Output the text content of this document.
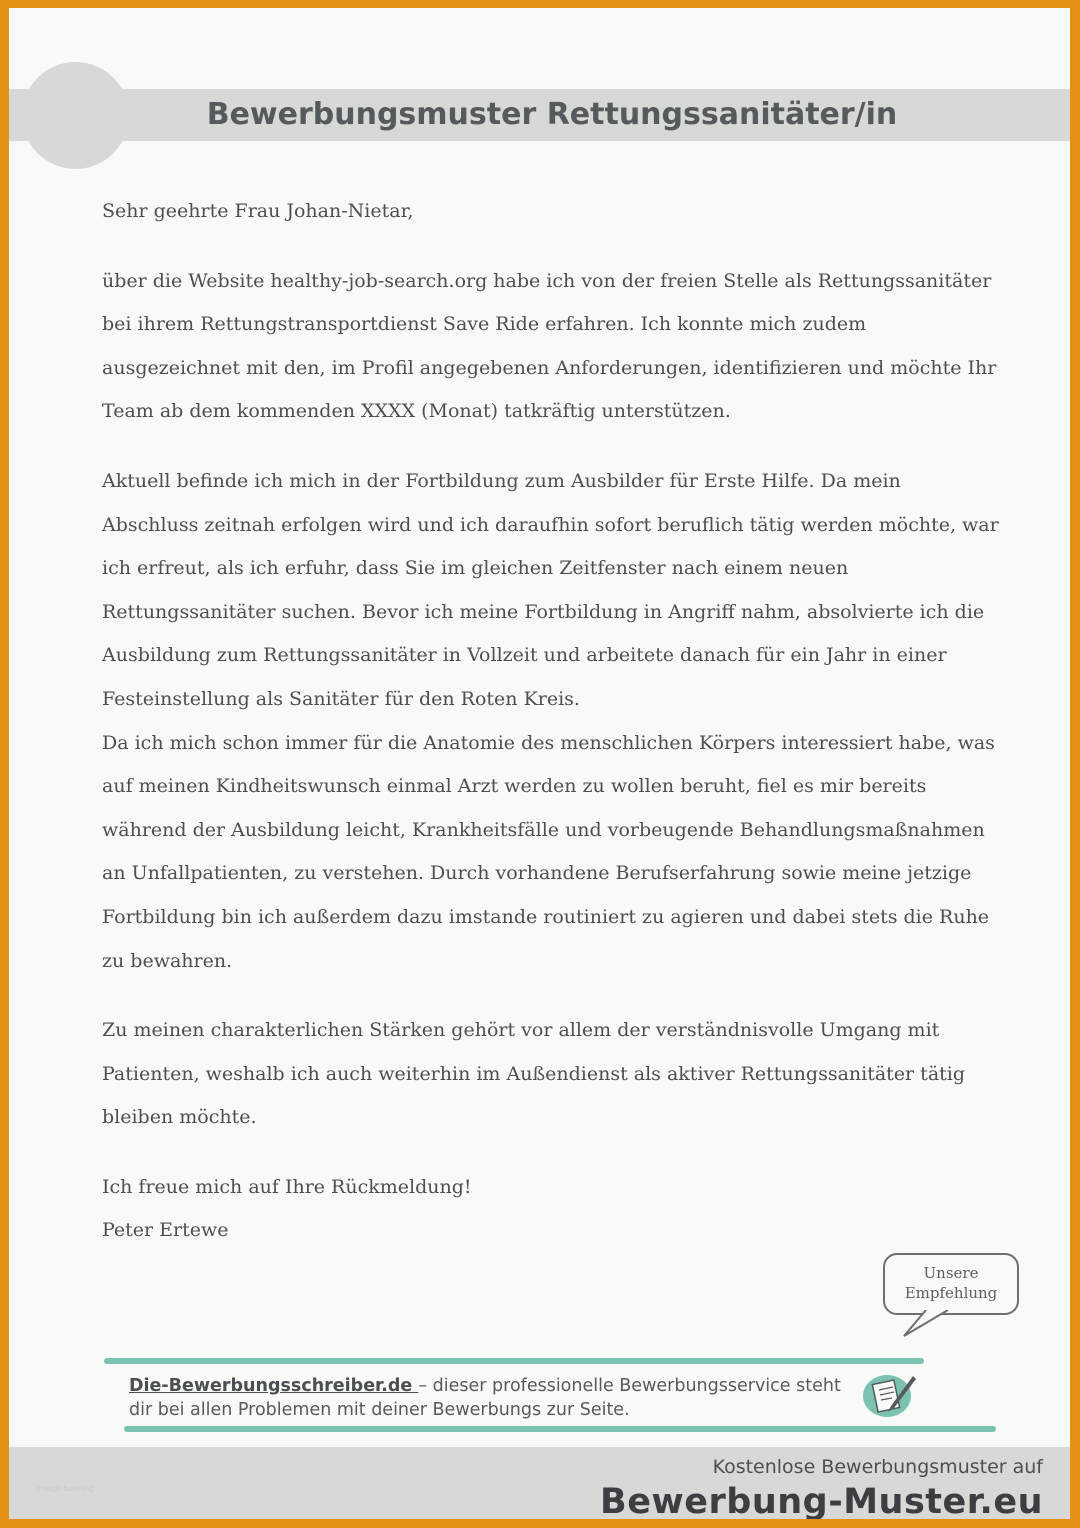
Bewerbungsmuster Rettungssanitäter/in

Sehr geehrte Frau Johan-Nietar,

über die Website healthy-job-search.org habe ich von der freien Stelle als Rettungssanitäter bei ihrem Rettungstransportdienst Save Ride erfahren. Ich konnte mich zudem ausgezeichnet mit den, im Profil angegebenen Anforderungen, identifizieren und möchte Ihr Team ab dem kommenden XXXX (Monat) tatkräftig unterstützen.

Aktuell befinde ich mich in der Fortbildung zum Ausbilder für Erste Hilfe. Da mein Abschluss zeitnah erfolgen wird und ich daraufhin sofort beruflich tätig werden möchte, war ich erfreut, als ich erfuhr, dass Sie im gleichen Zeitfenster nach einem neuen Rettungssanitäter suchen. Bevor ich meine Fortbildung in Angriff nahm, absolvierte ich die Ausbildung zum Rettungssanitäter in Vollzeit und arbeitete danach für ein Jahr in einer Festeinstellung als Sanitäter für den Roten Kreis.

Da ich mich schon immer für die Anatomie des menschlichen Körpers interessiert habe, was auf meinen Kindheitswunsch einmal Arzt werden zu wollen beruht, fiel es mir bereits während der Ausbildung leicht, Krankheitsfälle und vorbeugende Behandlungsmaßnahmen an Unfallpatienten, zu verstehen. Durch vorhandene Berufserfahrung sowie meine jetzige Fortbildung bin ich außerdem dazu imstande routiniert zu agieren und dabei stets die Ruhe zu bewahren.

Zu meinen charakterlichen Stärken gehört vor allem der verständnisvolle Umgang mit Patienten, weshalb ich auch weiterhin im Außendienst als aktiver Rettungssanitäter tätig bleiben möchte.

Ich freue mich auf Ihre Rückmeldung!

Peter Ertewe

Unsere
Empfehlung
Die-Bewerbungsschreiber.de – dieser professionelle Bewerbungsservice steht dir bei allen Problemen mit deiner Bewerbungs zur Seite.
Kostenlose Bewerbungsmuster auf
Bewerbung-Muster.eu
image bearing
